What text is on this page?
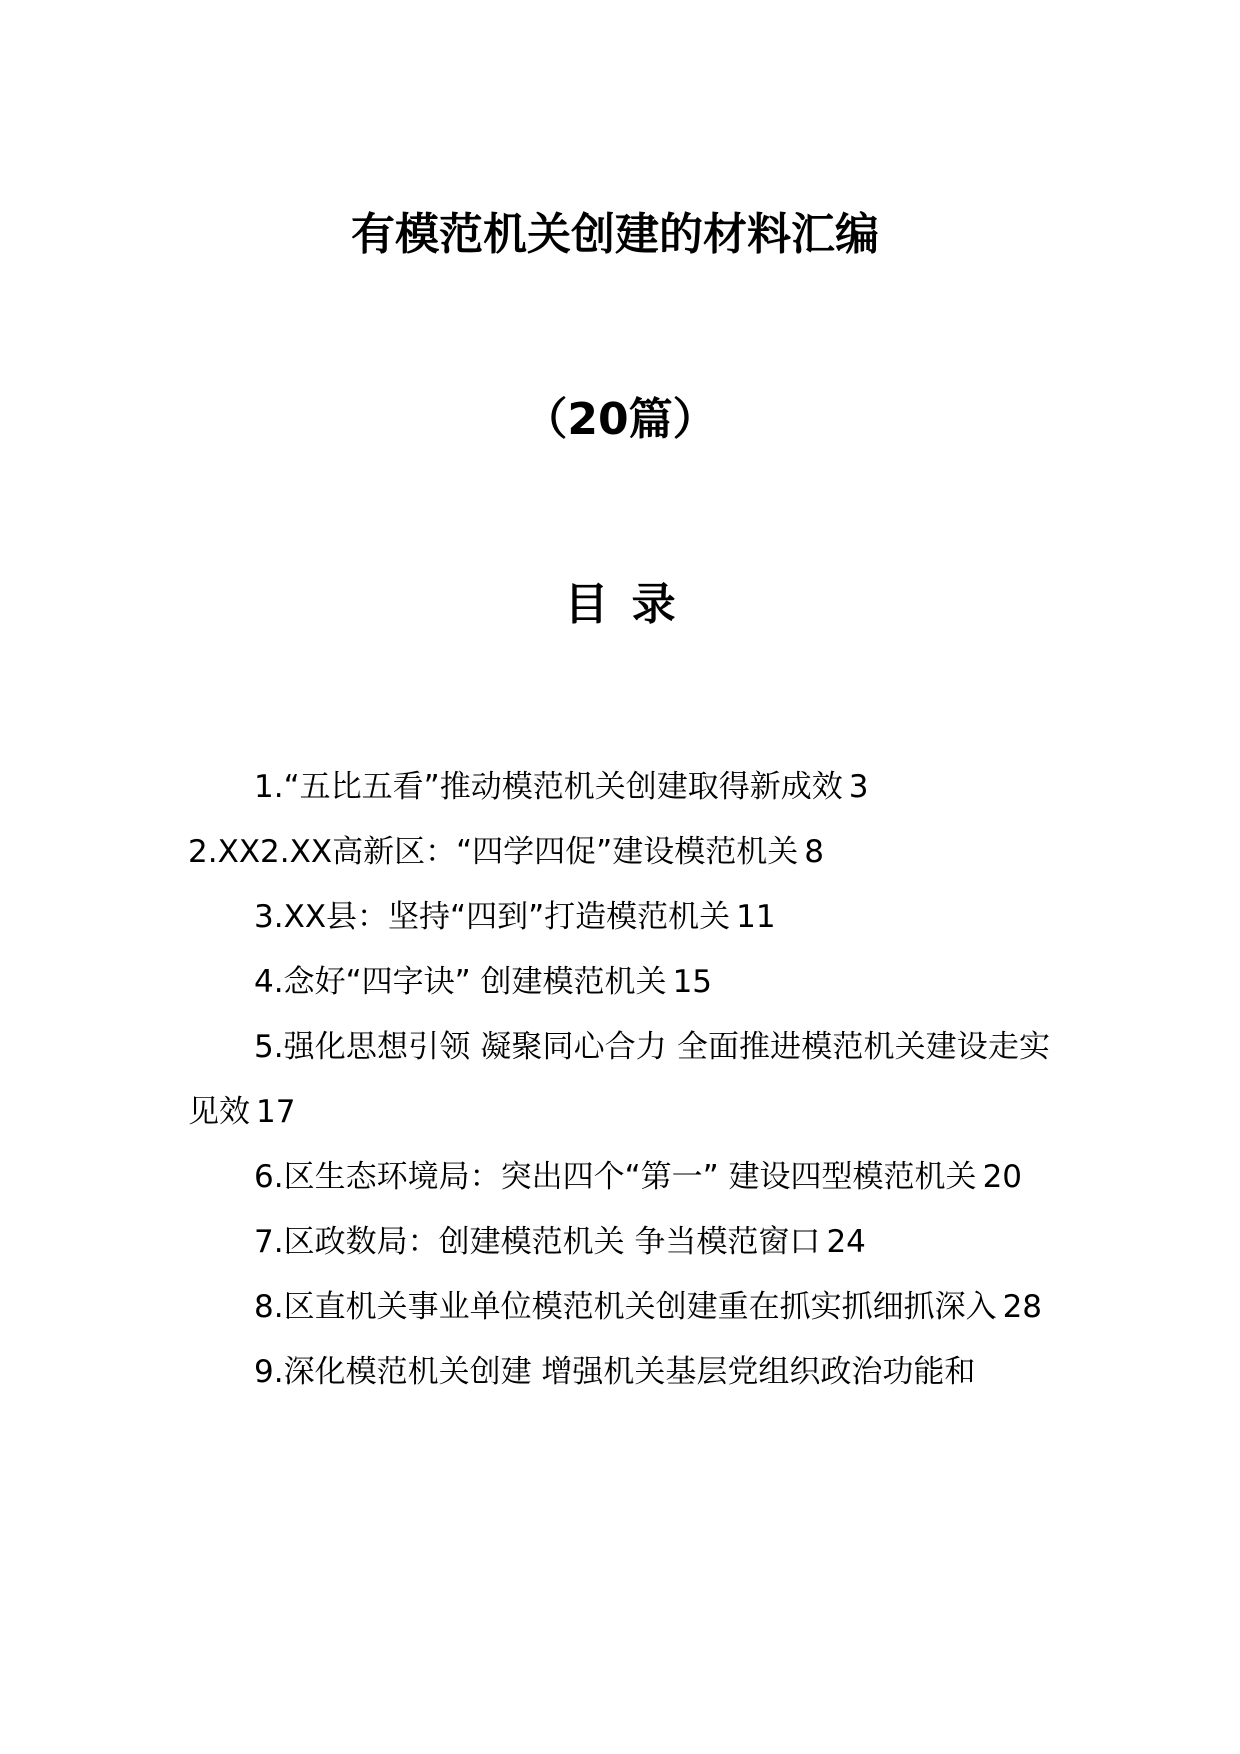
有模范机关创建的材料汇编
（20篇）
目 录
1.“五比五看”推动模范机关创建取得新成效 3
2.XX2.XX高新区：“四学四促”建设模范机关 8
3.XX县：坚持“四到”打造模范机关 11
4.念好“四字诀” 创建模范机关 15
5.强化思想引领 凝聚同心合力 全面推进模范机关建设走实见效 17
6.区生态环境局：突出四个“第一” 建设四型模范机关 20
7.区政数局：创建模范机关 争当模范窗口 24
8.区直机关事业单位模范机关创建重在抓实抓细抓深入 28
9.深化模范机关创建 增强机关基层党组织政治功能和
